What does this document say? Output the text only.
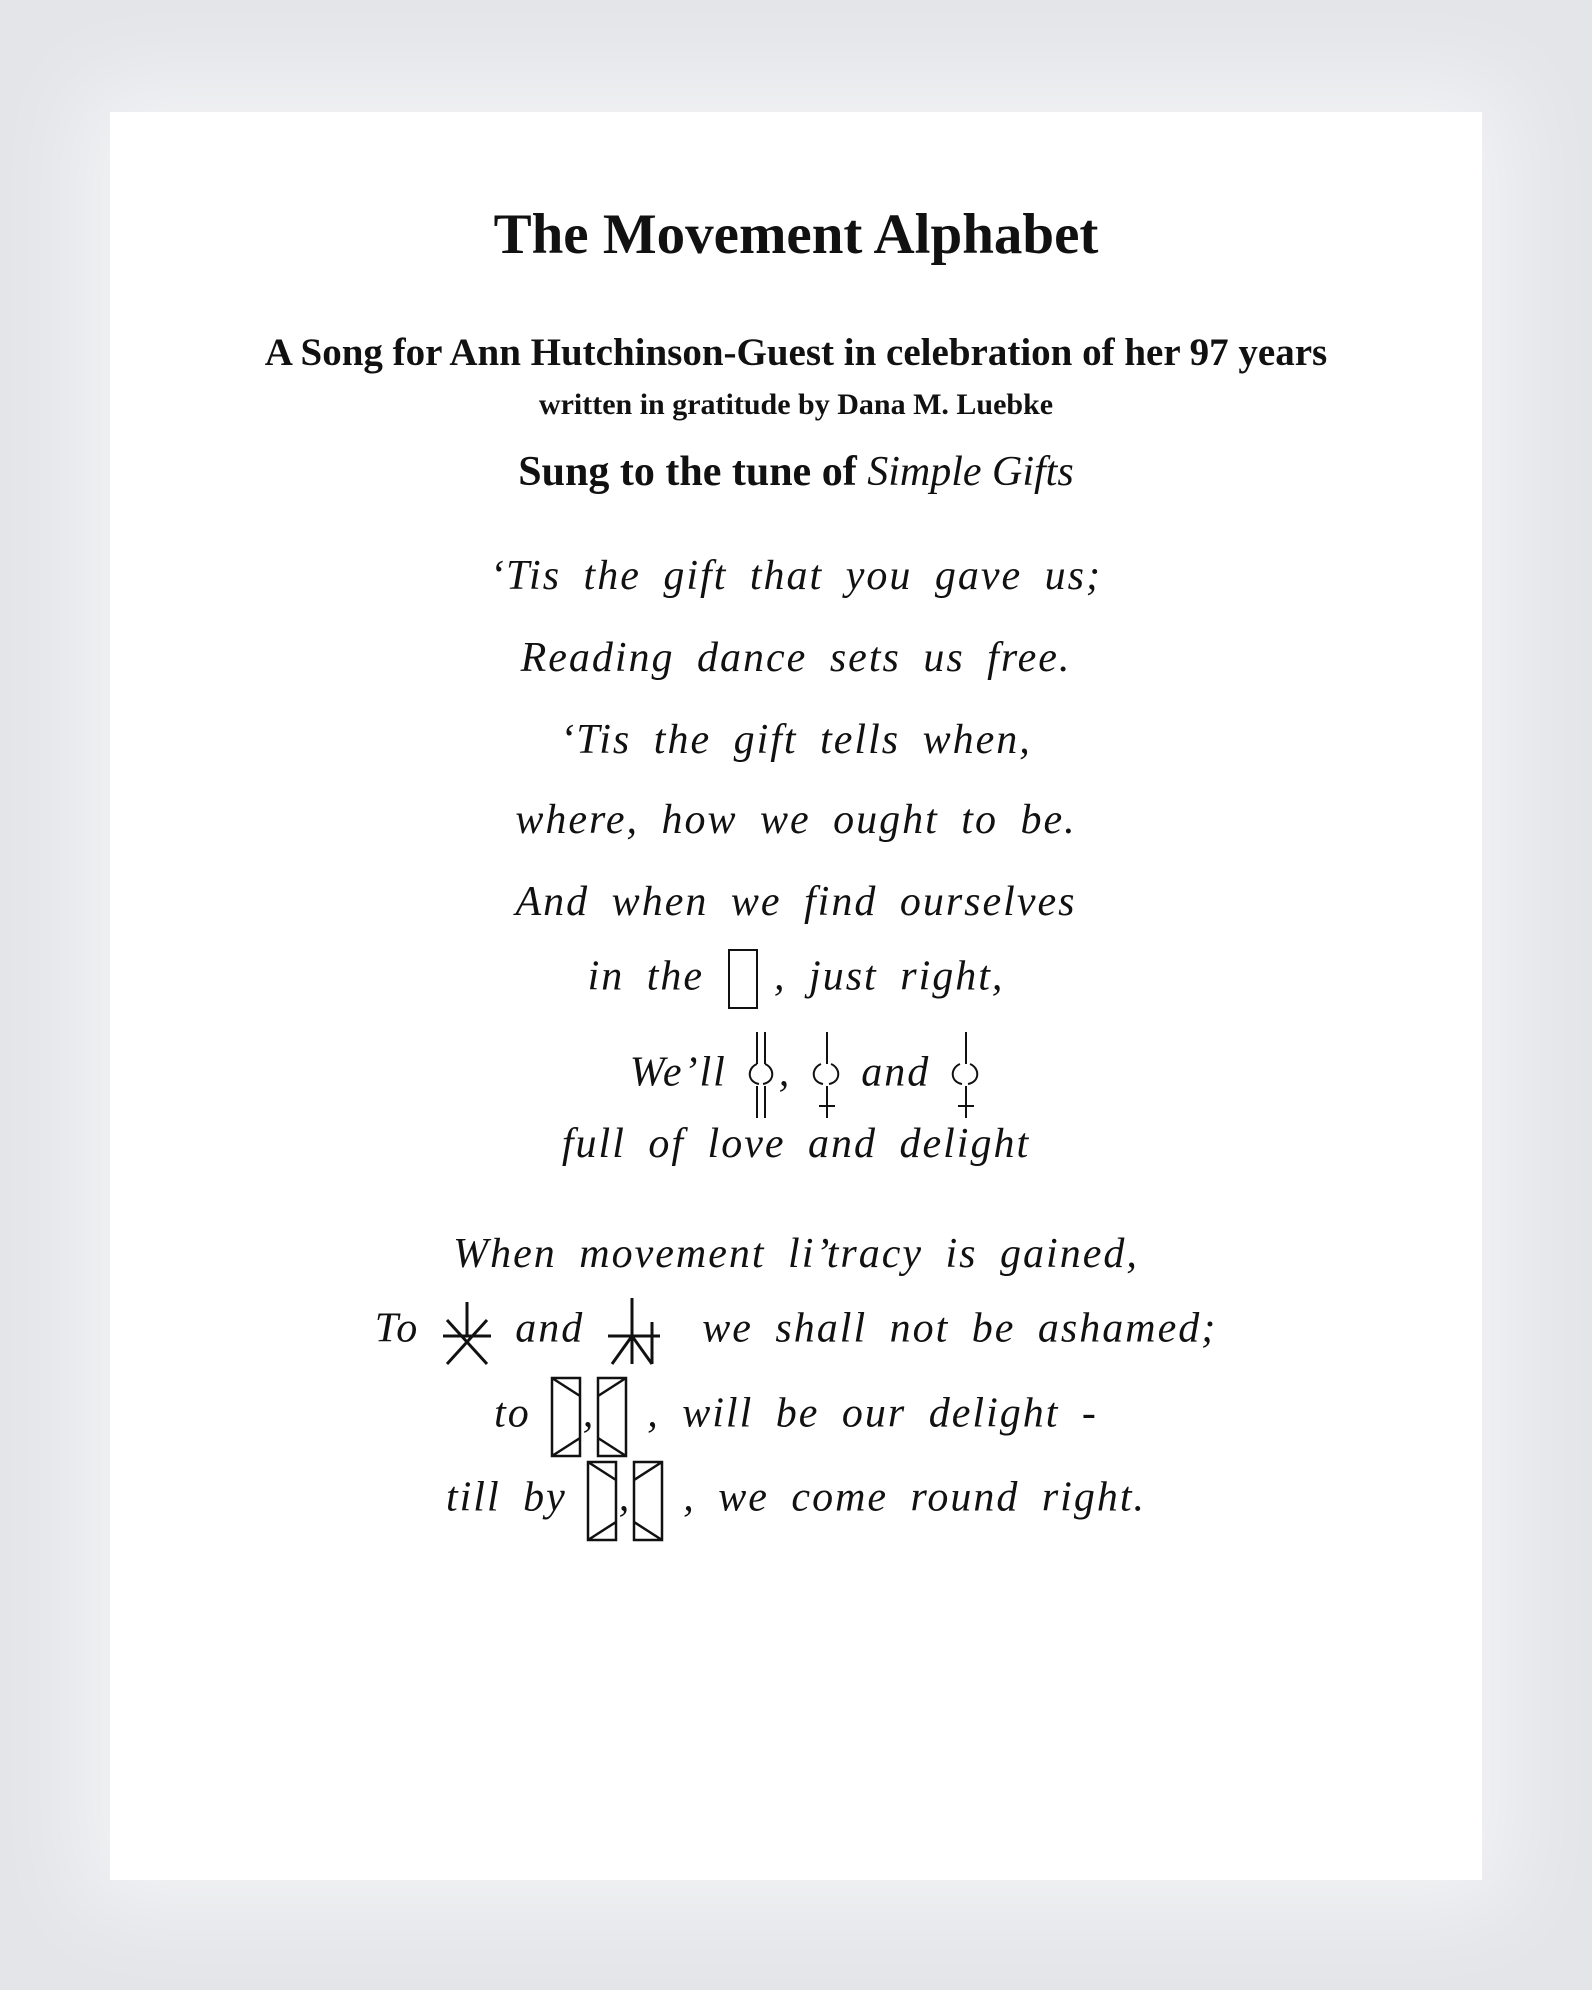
The Movement Alphabet
A Song for Ann Hutchinson-Guest in celebration of her 97 years
written in gratitude by Dana M. Luebke
Sung to the tune of Simple Gifts
‘Tis the gift that you gave us;
Reading dance sets us free.
‘Tis the gift tells when,
where, how we ought to be.
And when we find ourselves
in the , just right,
We’ll , and
full of love and delight
When movement li’tracy is gained,
To and	we shall not be ashamed;
to , , will be our delight -
till by , , we come round right.
